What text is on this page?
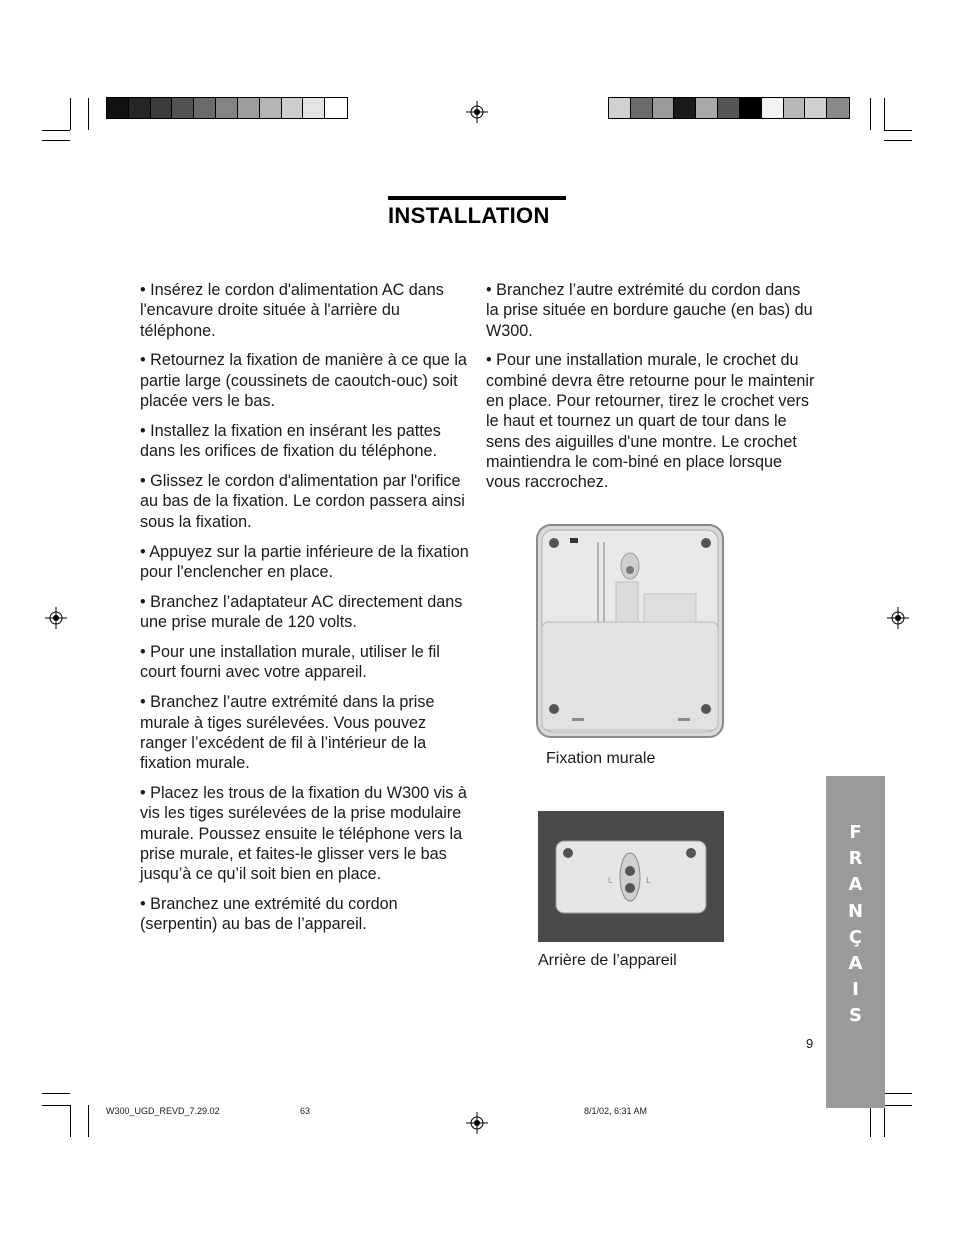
INSTALLATION

• Insérez le cordon d'alimentation AC dans l'encavure droite située à l'arrière du téléphone.

• Retournez la fixation de manière à ce que la partie large (coussinets de caoutch-ouc) soit placée vers le bas.

• Installez la fixation en insérant les pattes dans les orifices de fixation du téléphone.

• Glissez le cordon d'alimentation par l'orifice au bas de la fixation. Le cordon passera ainsi sous la fixation.

• Appuyez sur la partie inférieure de la fixation pour l'enclencher en place.

• Branchez l’adaptateur AC directement dans une prise murale de 120 volts.

• Pour une installation murale, utiliser le fil court fourni avec votre appareil.

• Branchez l’autre extrémité dans la prise murale à tiges surélevées. Vous pouvez ranger l’excédent de fil à l’intérieur de la fixation murale.

• Placez les trous de la fixation du W300 vis à vis les tiges surélevées de la prise modulaire murale. Poussez ensuite le téléphone vers la prise murale, et faites-le glisser vers le bas jusqu’à ce qu’il soit bien en place.

• Branchez une extrémité du cordon (serpentin) au bas de l’appareil.

• Branchez l’autre extrémité du cordon dans la prise située en bordure gauche (en bas) du W300.

• Pour une installation murale, le crochet du combiné devra être retourne pour le maintenir en place. Pour retourner, tirez le crochet vers le haut et tournez un quart de tour dans le sens des aiguilles d'une montre. Le crochet maintiendra le com-biné en place lorsque vous raccrochez.

Fixation murale
L	L
Arrière de l’appareil
F
R
A
N
Ç
A
I
S
9
W300_UGD_REVD_7.29.02	63	8/1/02, 6:31 AM
